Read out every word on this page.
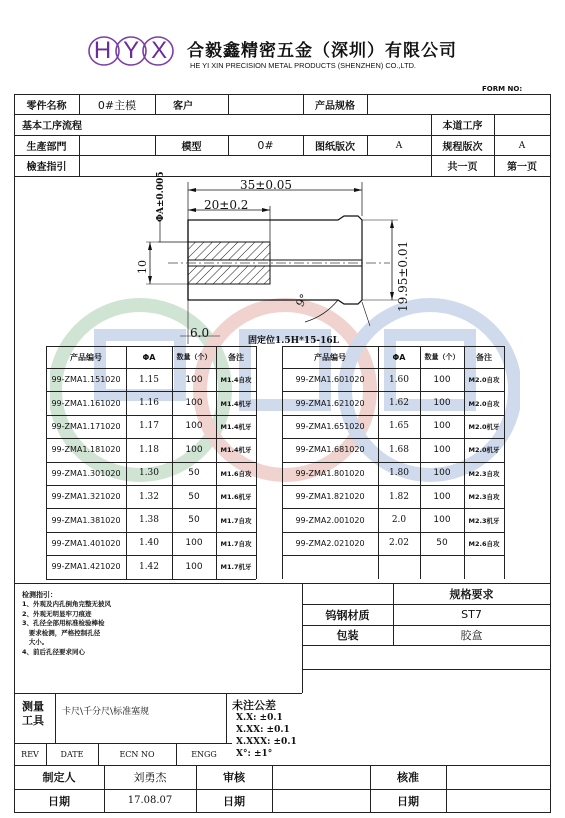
HYX 合毅鑫精密五金（深圳）有限公司
HE YI XIN PRECISION METAL PRODUCTS (SHENZHEN) CO.,LTD.
FORM NO:
零件名称	0#主模	客户	产品规格
基本工序流程	本道工序
生產部門	模型	0#	图纸版次	A	规程版次	A
檢查指引	共一页	第一页
35±0.05
20±0.2
10	19.95±0.01
ΦA±0.005
9°
6.0
固定位1.5H*15-16L
产品编号	ΦA	数量（个）	备注
99-ZMA1.151020	1.15	100	M1.4自攻
99-ZMA1.161020	1.16	100	M1.4机牙
99-ZMA1.171020	1.17	100	M1.4机牙
99-ZMA1.181020	1.18	100	M1.4机牙
99-ZMA1.301020	1.30	50	M1.6自攻
99-ZMA1.321020	1.32	50	M1.6机牙
99-ZMA1.381020	1.38	50	M1.7自攻
99-ZMA1.401020	1.40	100	M1.7自攻
99-ZMA1.421020	1.42	100	M1.7机牙
产品编号	ΦA	数量（个）	备注
99-ZMA1.601020	1.60	100	M2.0自攻
99-ZMA1.621020	1.62	100	M2.0自攻
99-ZMA1.651020	1.65	100	M2.0机牙
99-ZMA1.681020	1.68	100	M2.0机牙
99-ZMA1.801020	1.80	100	M2.3自攻
99-ZMA1.821020	1.82	100	M2.3自攻
99-ZMA2.001020	2.0	100	M2.3机牙
99-ZMA2.021020	2.02	50	M2.6自攻
检测指引：
1、外观及内孔倒角完整无披风
2、外观无明显牢刀痕迹
3、孔径全部用标准检验棒检
要求检测，严格控制孔径
大小。
4、前后孔径要求同心
规格要求
钨钢材质	ST7
包装	胶盒
测量
工具
卡尺\千分尺\标准塞规	未注公差
X.X: ±0.1
X.XX: ±0.1
X.XXX: ±0.1
X°: ±1°
REV	DATE	ECN NO	ENGG
制定人	刘勇杰	审核	核准
日期	17.08.07	日期	日期
